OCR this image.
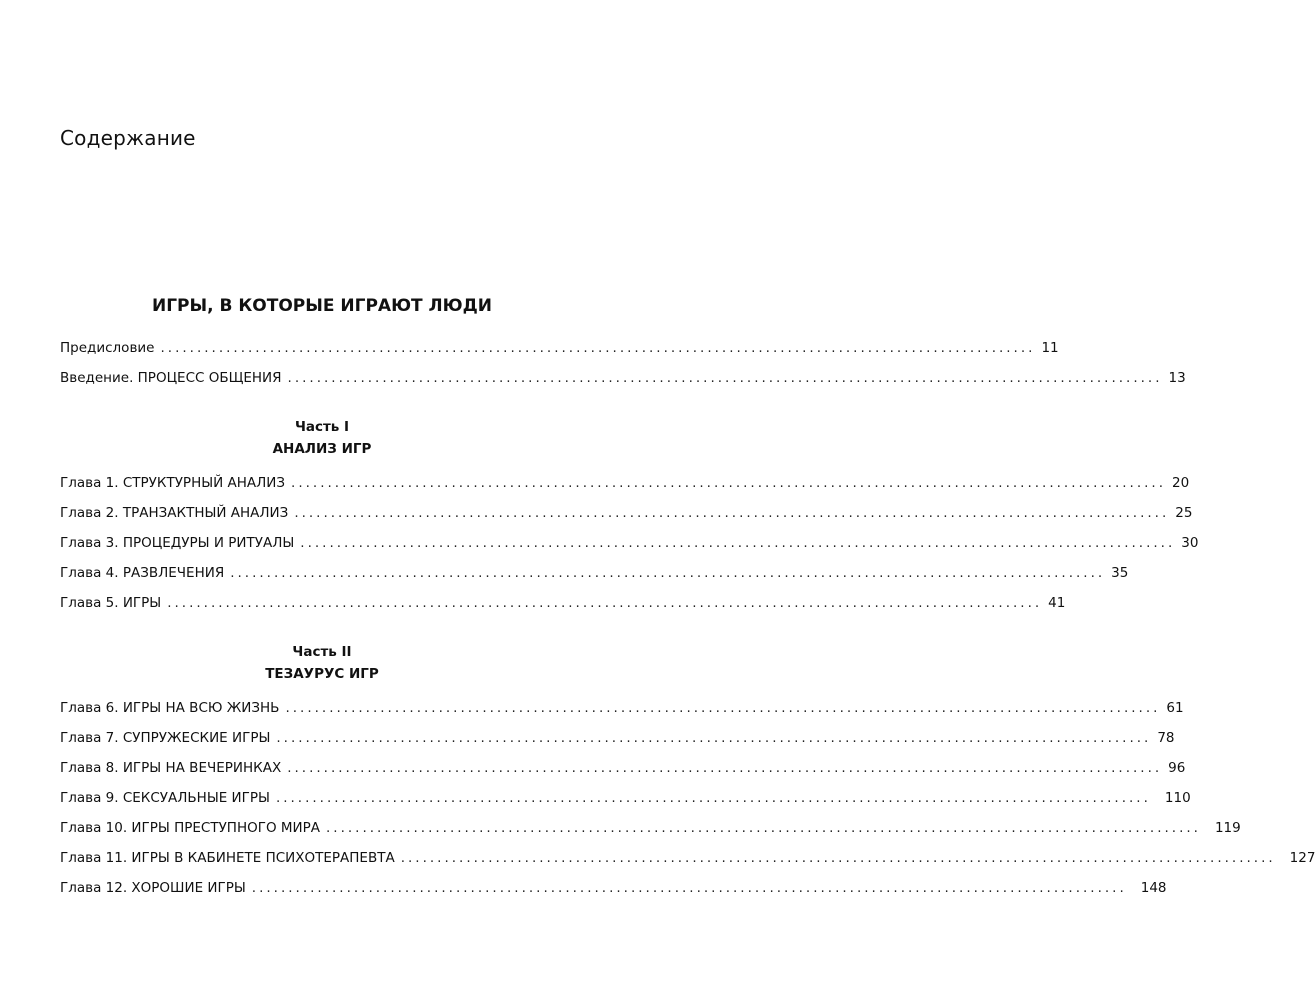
Содержание
ИГРЫ, В КОТОРЫЕ ИГРАЮТ ЛЮДИ
Предисловие ........................................................................................................................ 11
Введение. ПРОЦЕСС ОБЩЕНИЯ ........................................................................................................................ 13
Часть I
АНАЛИЗ ИГР
Глава 1. СТРУКТУРНЫЙ АНАЛИЗ ........................................................................................................................ 20
Глава 2. ТРАНЗАКТНЫЙ АНАЛИЗ ........................................................................................................................ 25
Глава 3. ПРОЦЕДУРЫ И РИТУАЛЫ ........................................................................................................................ 30
Глава 4. РАЗВЛЕЧЕНИЯ ........................................................................................................................ 35
Глава 5. ИГРЫ ........................................................................................................................ 41
Часть II
ТЕЗАУРУС ИГР
Глава 6. ИГРЫ НА ВСЮ ЖИЗНЬ ........................................................................................................................ 61
Глава 7. СУПРУЖЕСКИЕ ИГРЫ ........................................................................................................................ 78
Глава 8. ИГРЫ НА ВЕЧЕРИНКАХ ........................................................................................................................ 96
Глава 9. СЕКСУАЛЬНЫЕ ИГРЫ ........................................................................................................................ 110
Глава 10. ИГРЫ ПРЕСТУПНОГО МИРА ........................................................................................................................ 119
Глава 11. ИГРЫ В КАБИНЕТЕ ПСИХОТЕРАПЕВТА ........................................................................................................................ 127
Глава 12. ХОРОШИЕ ИГРЫ ........................................................................................................................ 148
